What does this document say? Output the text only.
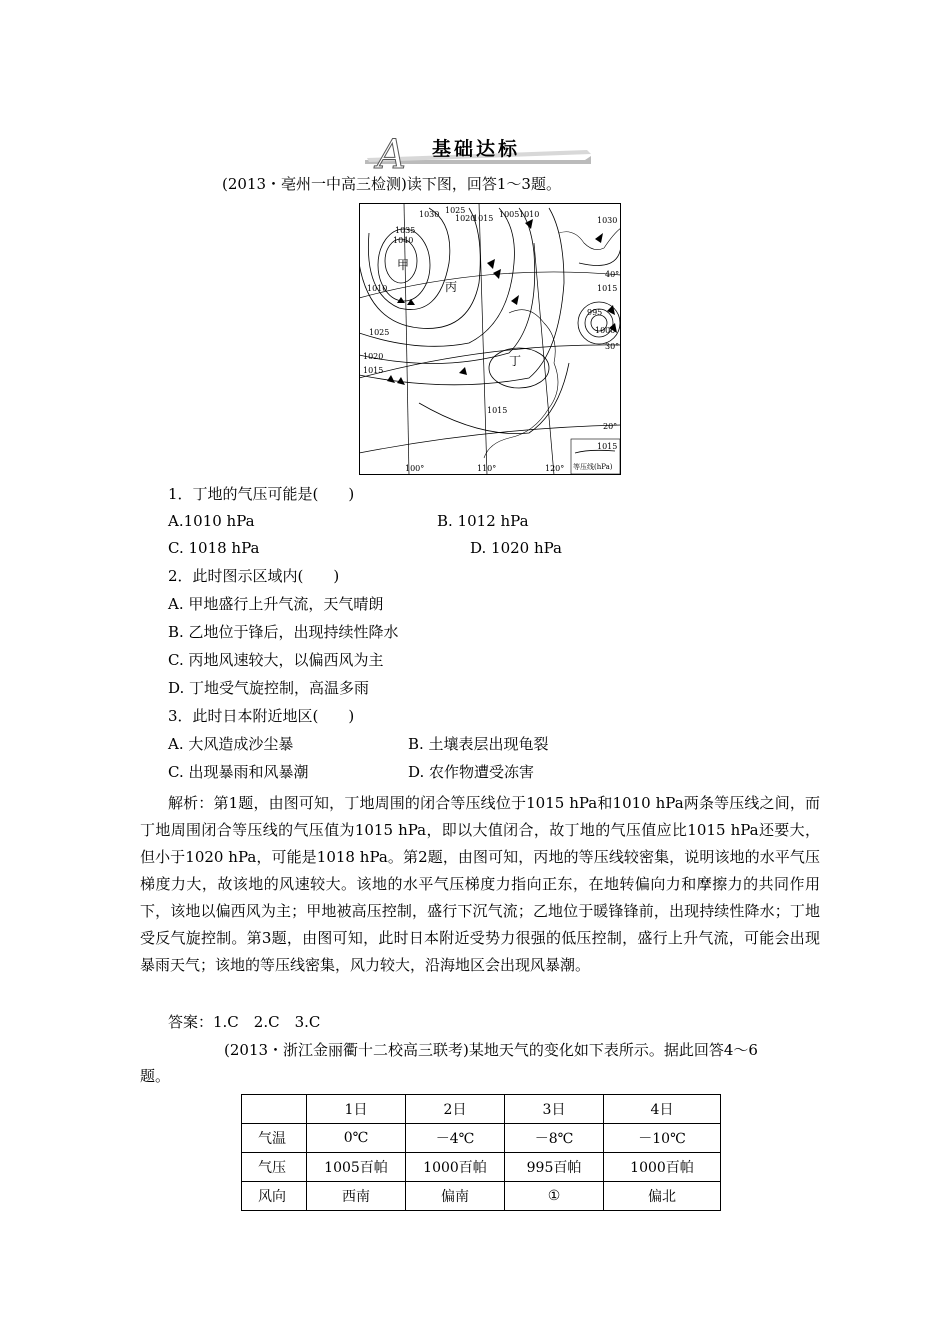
A 基础达标
(2013・亳州一中高三检测)读下图，回答1～3题。
甲
丙
丁
1035
1040
1030
1025
1020
1015
1025
1020
1015 1005 1010
1030
1010
1015
1015
1000
995
40°
30°
20°
100°	110°	120°
1015
等压线(hPa)
1．丁地的气压可能是(　　)
A.1010 hPa	B. 1012 hPa
C. 1018 hPa	D. 1020 hPa
2．此时图示区域内(　　)
A. 甲地盛行上升气流，天气晴朗
B. 乙地位于锋后，出现持续性降水
C. 丙地风速较大，以偏西风为主
D. 丁地受气旋控制，高温多雨
3．此时日本附近地区(　　)
A. 大风造成沙尘暴	B. 土壤表层出现龟裂
C. 出现暴雨和风暴潮	D. 农作物遭受冻害
解析：第1题，由图可知，丁地周围的闭合等压线位于1015 hPa和1010 hPa两条等压线之间，而丁地周围闭合等压线的气压值为1015 hPa，即以大值闭合，故丁地的气压值应比1015 hPa还要大，但小于1020 hPa，可能是1018 hPa。第2题，由图可知，丙地的等压线较密集，说明该地的水平气压梯度力大，故该地的风速较大。该地的水平气压梯度力指向正东，在地转偏向力和摩擦力的共同作用下，该地以偏西风为主；甲地被高压控制，盛行下沉气流；乙地位于暖锋锋前，出现持续性降水；丁地受反气旋控制。第3题，由图可知，此时日本附近受势力很强的低压控制，盛行上升气流，可能会出现暴雨天气；该地的等压线密集，风力较大，沿海地区会出现风暴潮。
答案：1.C　2.C　3.C
(2013・浙江金丽衢十二校高三联考)某地天气的变化如下表所示。据此回答4～6
题。
	1日	2日	3日	4日
气温	0℃	－4℃	－8℃	－10℃
气压	1005百帕	1000百帕	995百帕	1000百帕
风向	西南	偏南	①	偏北
